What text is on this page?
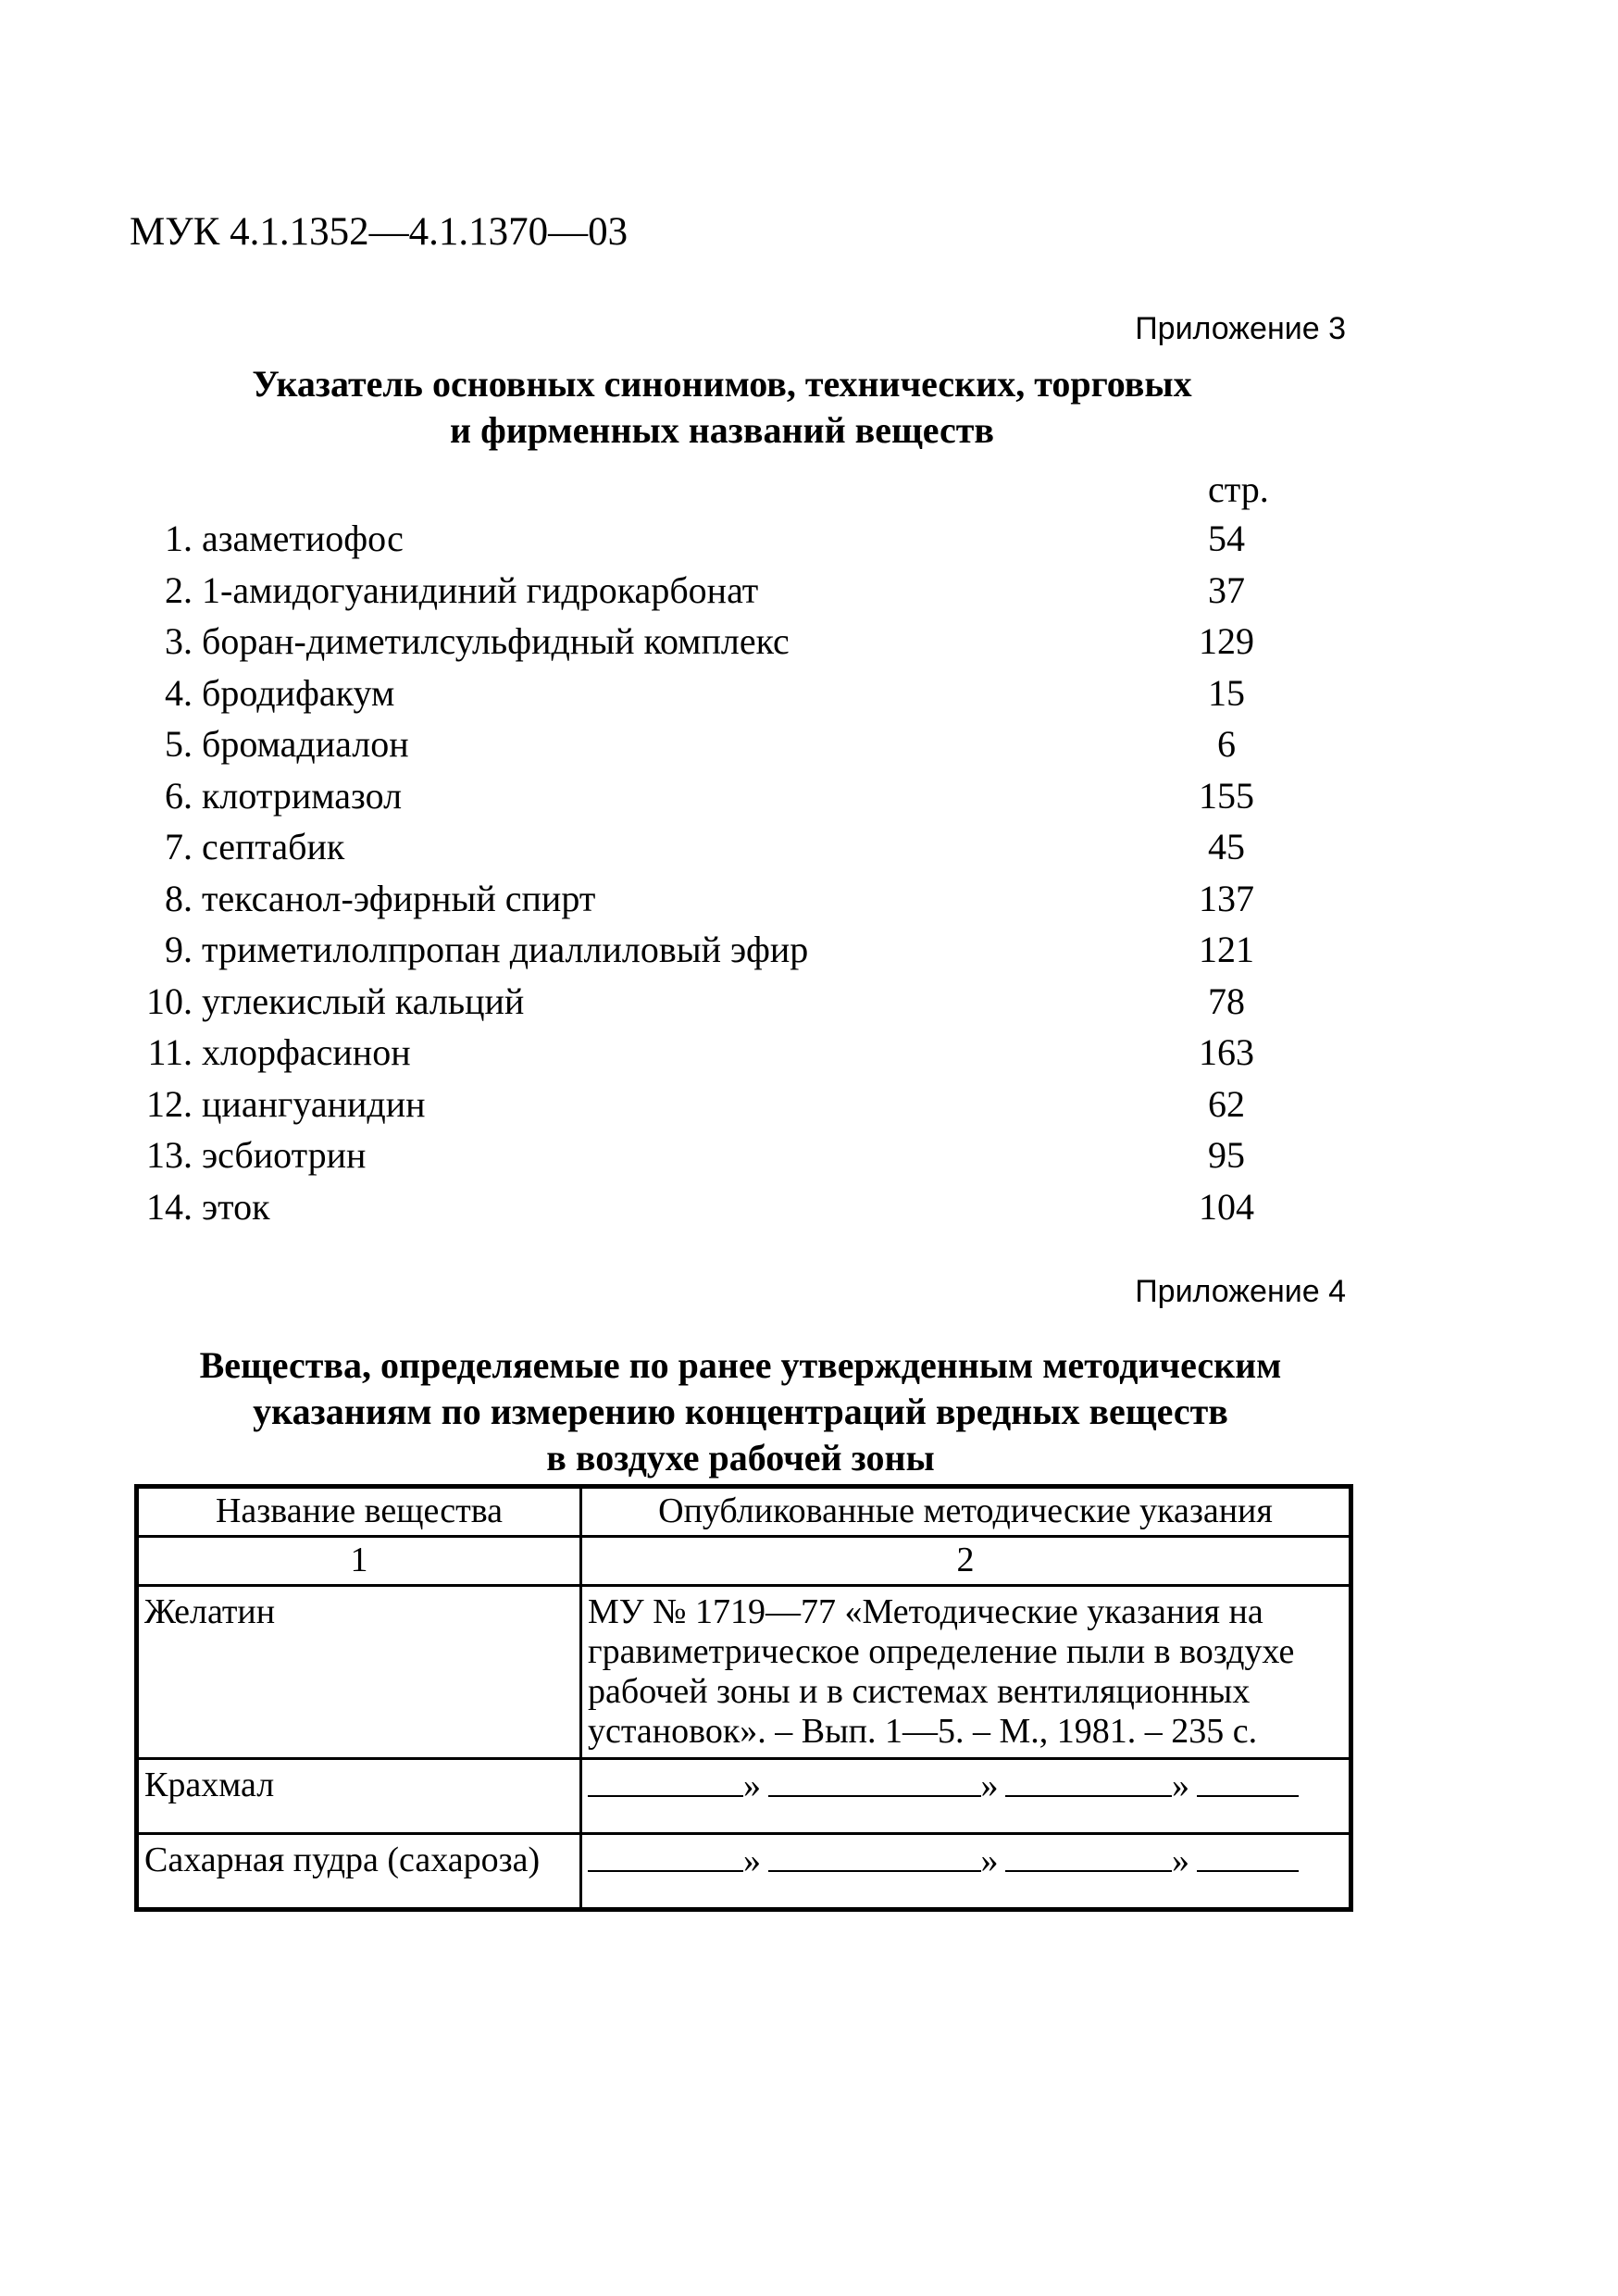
МУК 4.1.1352—4.1.1370—03
Приложение 3
Указатель основных синонимов, технических, торговых
и фирменных названий веществ
стр.
1. азаметиофос	54
2. 1-амидогуанидиний гидрокарбонат	37
3. боран-диметилсульфидный комплекс	129
4. бродифакум	15
5. бромадиалон	6
6. клотримазол	155
7. септабик	45
8. тексанол-эфирный спирт	137
9. триметилолпропан диаллиловый эфир	121
10. углекислый кальций	78
11. хлорфасинон	163
12. циангуанидин	62
13. эсбиотрин	95
14. эток	104
Приложение 4
Вещества, определяемые по ранее утвержденным методическим
указаниям по измерению концентраций вредных веществ
в воздухе рабочей зоны
Название вещества	Опубликованные методические указания
1	2
Желатин	МУ № 1719—77 «Методические указания на
гравиметрическое определение пыли в воздухе
рабочей зоны и в системах вентиляционных
установок». – Вып. 1—5. – М., 1981. – 235 с.

Крахмал	» » »
Сахарная пудра (сахароза)	» » »
